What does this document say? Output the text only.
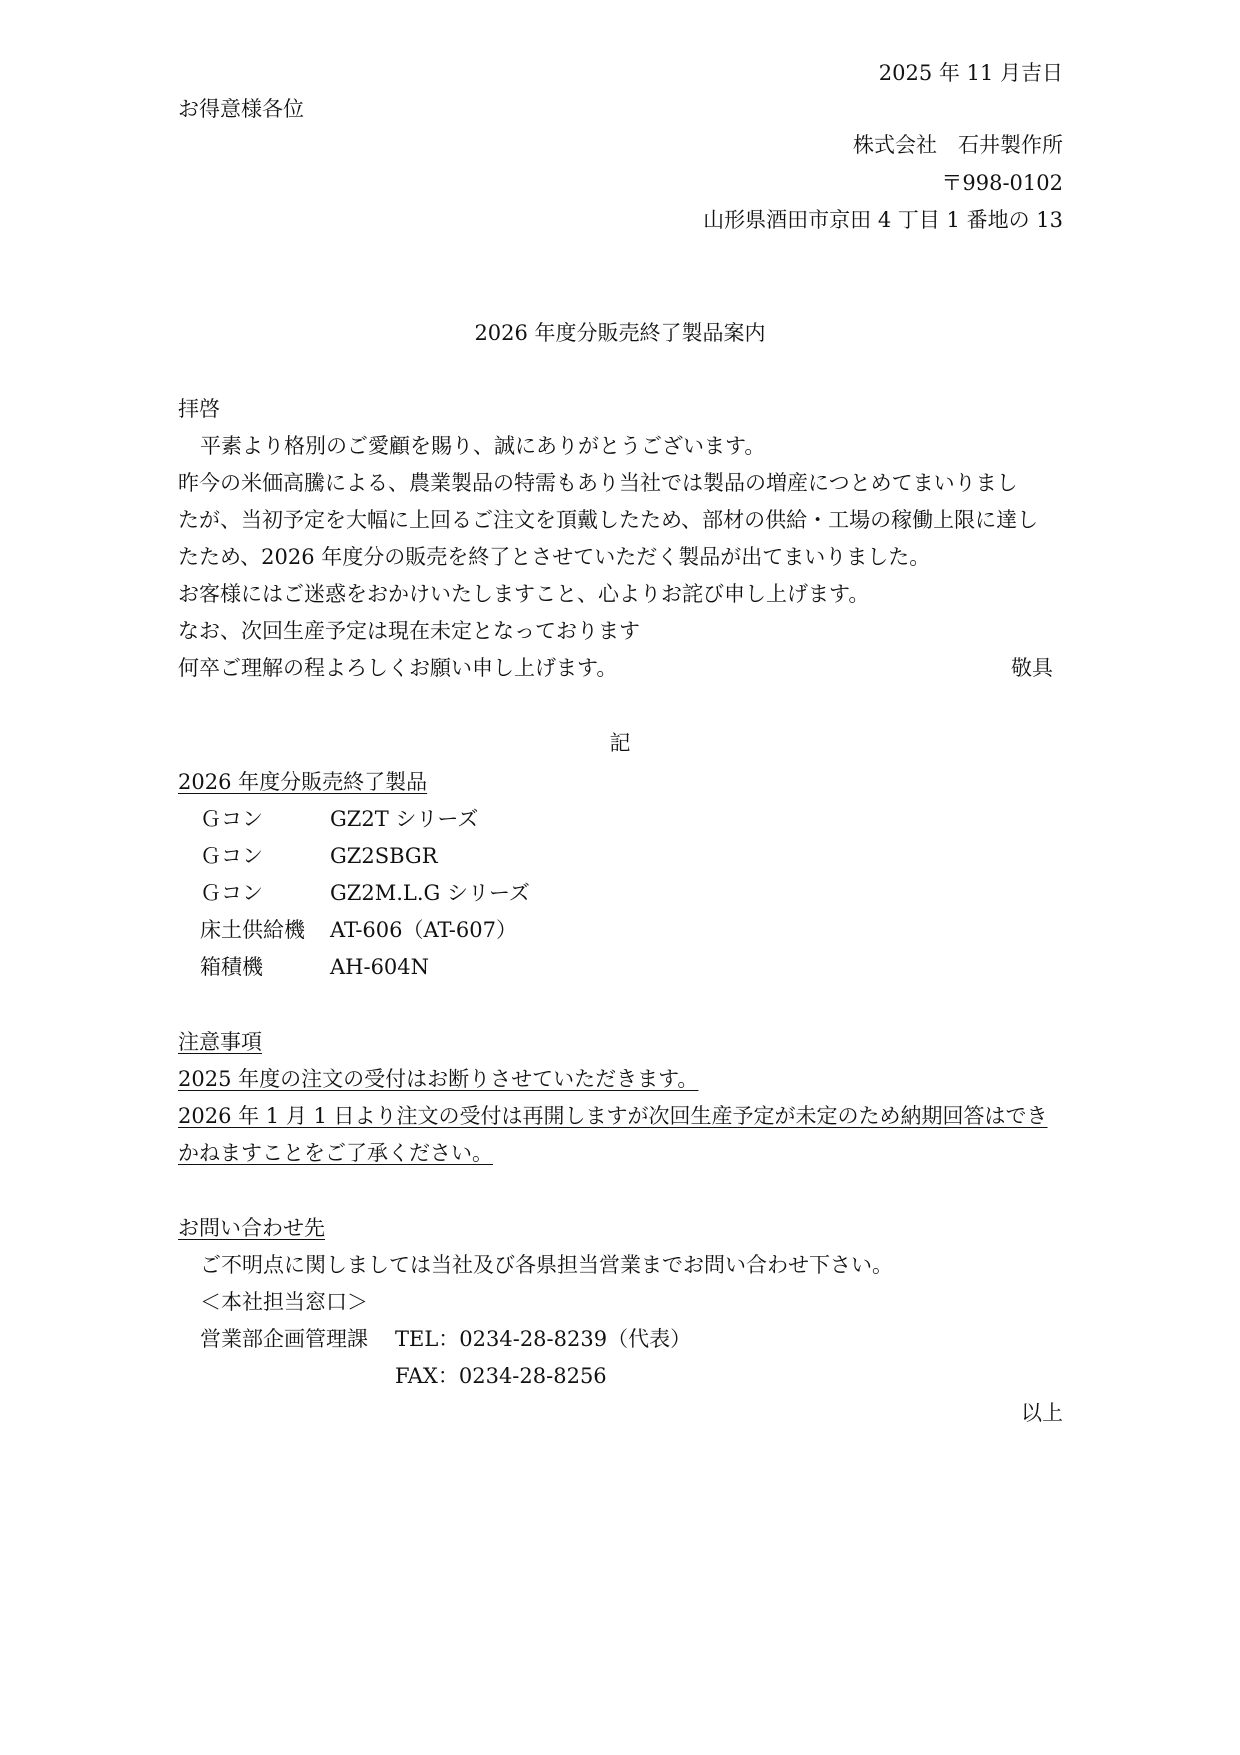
2025 年 11 月吉日
お得意様各位
株式会社　石井製作所
〒998-0102
山形県酒田市京田 4 丁目 1 番地の 13
2026 年度分販売終了製品案内
拝啓
平素より格別のご愛顧を賜り、誠にありがとうございます。
昨今の米価高騰による、農業製品の特需もあり当社では製品の増産につとめてまいりまし
たが、当初予定を大幅に上回るご注文を頂戴したため、部材の供給・工場の稼働上限に達し
たため、2026 年度分の販売を終了とさせていただく製品が出てまいりました。
お客様にはご迷惑をおかけいたしますこと、心よりお詫び申し上げます。
なお、次回生産予定は現在未定となっております
何卒ご理解の程よろしくお願い申し上げます。	敬具
記
2026 年度分販売終了製品
Ｇコン	GZ2T シリーズ
Ｇコン	GZ2SBGR
Ｇコン	GZ2M.L.G シリーズ
床土供給機 AT-606（AT-607）
箱積機	AH-604N
注意事項
2025 年度の注文の受付はお断りさせていただきます。
2026 年 1 月 1 日より注文の受付は再開しますが次回生産予定が未定のため納期回答はでき
かねますことをご了承ください。
お問い合わせ先
ご不明点に関しましては当社及び各県担当営業までお問い合わせ下さい。
＜本社担当窓口＞
営業部企画管理課 TEL：0234-28-8239（代表）
FAX：0234-28-8256
以上
